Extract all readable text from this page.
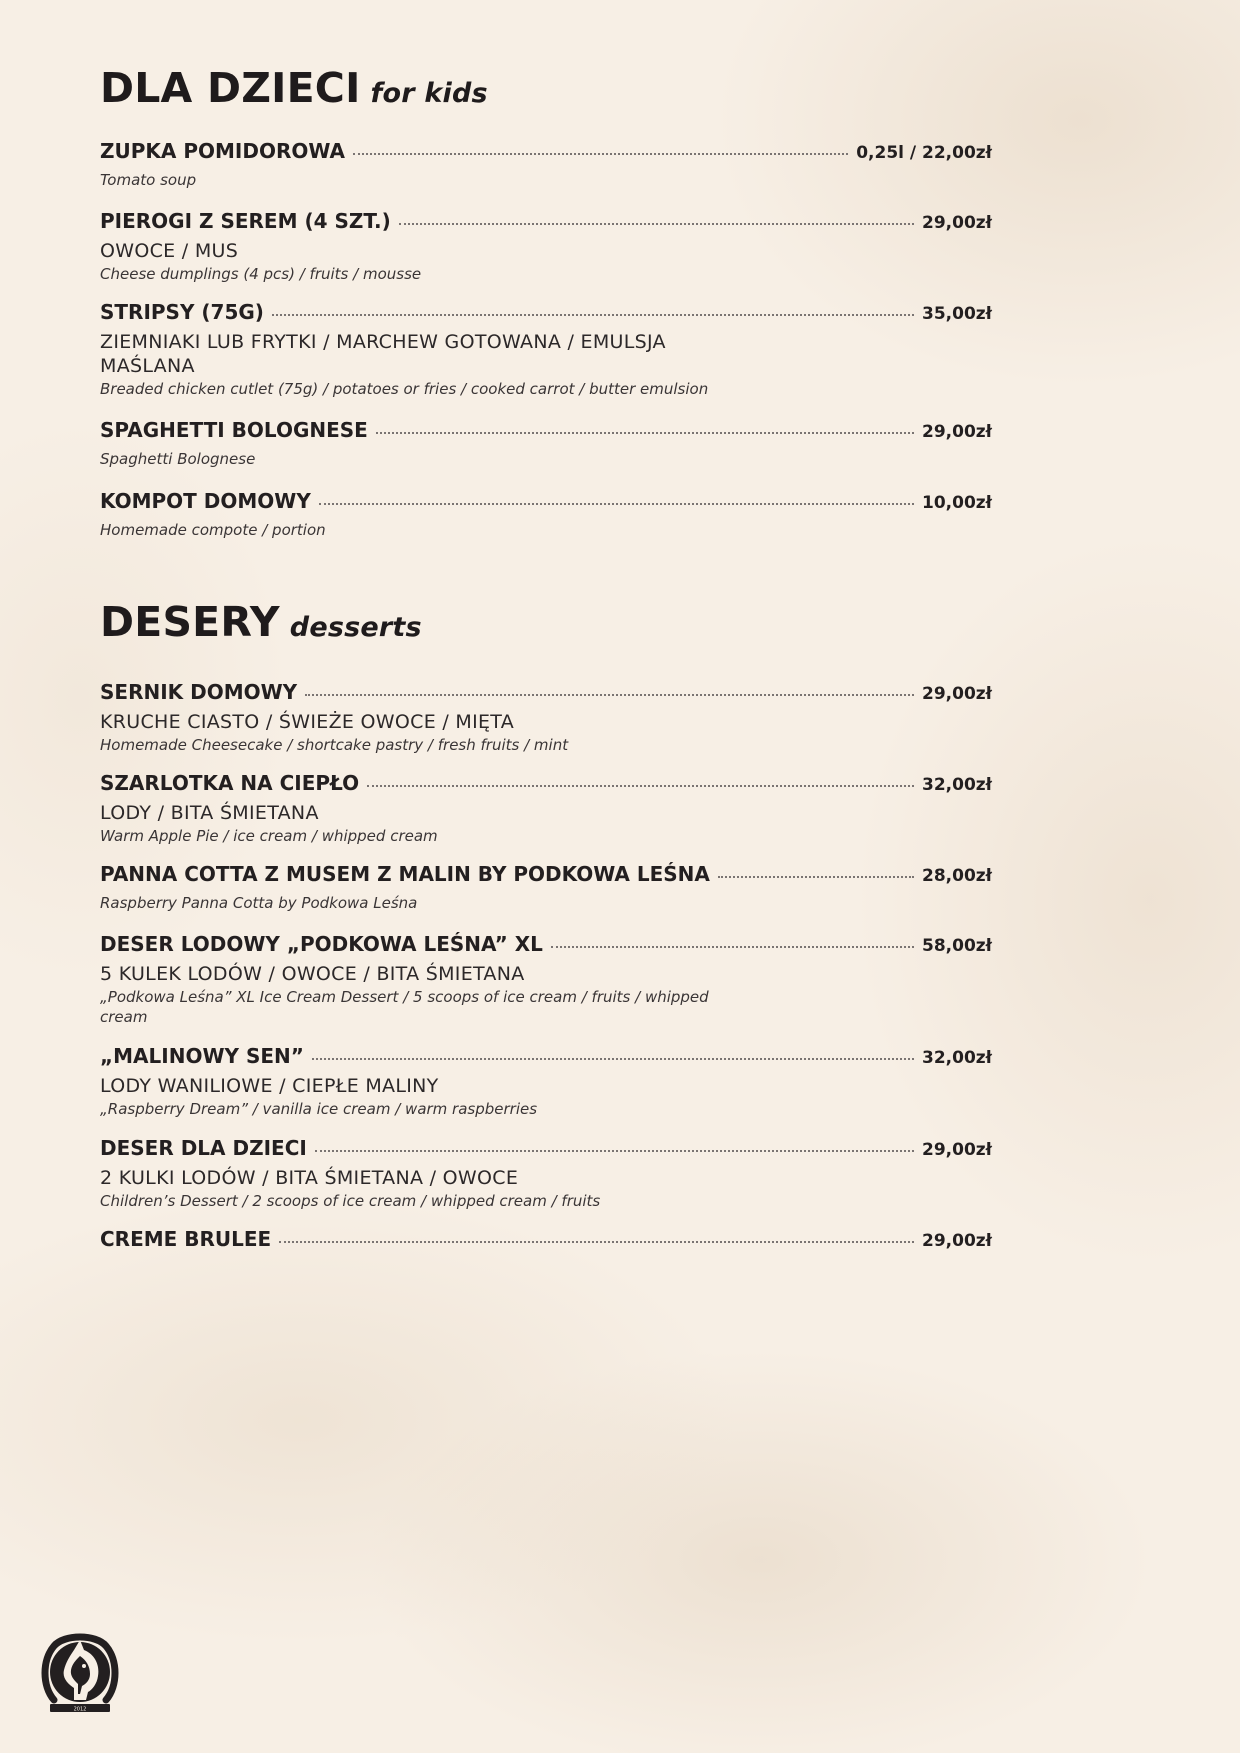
DLA DZIECI for kids
ZUPKA POMIDOROWA	0,25l / 22,00zł
Tomato soup
PIEROGI Z SEREM (4 SZT.)	29,00zł
OWOCE / MUS
Cheese dumplings (4 pcs) / fruits / mousse
STRIPSY (75G)	35,00zł
ZIEMNIAKI LUB FRYTKI / MARCHEW GOTOWANA / EMULSJA MAŚLANA
Breaded chicken cutlet (75g) / potatoes or fries / cooked carrot / butter emulsion
SPAGHETTI BOLOGNESE	29,00zł
Spaghetti Bolognese
KOMPOT DOMOWY	10,00zł
Homemade compote / portion
DESERY desserts
SERNIK DOMOWY	29,00zł
KRUCHE CIASTO / ŚWIEŻE OWOCE / MIĘTA
Homemade Cheesecake / shortcake pastry / fresh fruits / mint
SZARLOTKA NA CIEPŁO	32,00zł
LODY / BITA ŚMIETANA
Warm Apple Pie / ice cream / whipped cream
PANNA COTTA Z MUSEM Z MALIN BY PODKOWA LEŚNA	28,00zł
Raspberry Panna Cotta by Podkowa Leśna
DESER LODOWY „PODKOWA LEŚNA” XL	58,00zł
5 KULEK LODÓW / OWOCE / BITA ŚMIETANA
„Podkowa Leśna” XL Ice Cream Dessert / 5 scoops of ice cream / fruits / whipped cream
„MALINOWY SEN”	32,00zł
LODY WANILIOWE / CIEPŁE MALINY
„Raspberry Dream” / vanilla ice cream / warm raspberries
DESER DLA DZIECI	29,00zł
2 KULKI LODÓW / BITA ŚMIETANA / OWOCE
Children’s Dessert / 2 scoops of ice cream / whipped cream / fruits
CREME BRULEE	29,00zł
2012
